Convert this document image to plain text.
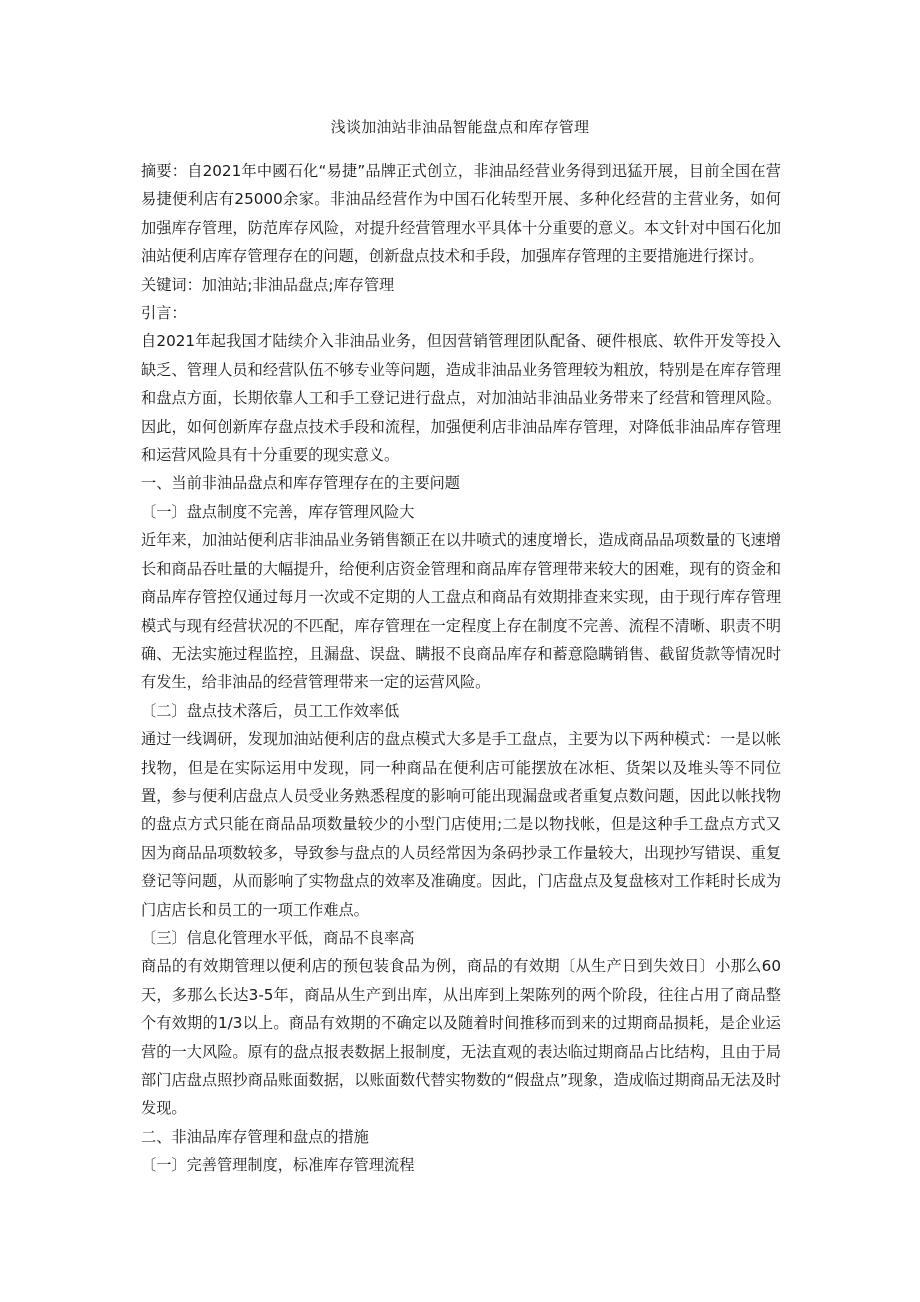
浅谈加油站非油品智能盘点和库存管理

摘要：自2021年中國石化“易捷”品牌正式创立，非油品经营业务得到迅猛开展，目前全国在营易捷便利店有25000余家。非油品经营作为中国石化转型开展、多种化经营的主营业务，如何加强库存管理，防范库存风险，对提升经营管理水平具体十分重要的意义。本文针对中国石化加油站便利店库存管理存在的问题，创新盘点技术和手段，加强库存管理的主要措施进行探讨。

关键词：加油站;非油品盘点;库存管理

引言：

自2021年起我国才陆续介入非油品业务，但因营销管理团队配备、硬件根底、软件开发等投入缺乏、管理人员和经营队伍不够专业等问题，造成非油品业务管理较为粗放，特别是在库存管理和盘点方面，长期依靠人工和手工登记进行盘点，对加油站非油品业务带来了经营和管理风险。因此，如何创新库存盘点技术手段和流程，加强便利店非油品库存管理，对降低非油品库存管理和运营风险具有十分重要的现实意义。

一、当前非油品盘点和库存管理存在的主要问题

〔一〕盘点制度不完善，库存管理风险大

近年来，加油站便利店非油品业务销售额正在以井喷式的速度增长，造成商品品项数量的飞速增长和商品吞吐量的大幅提升，给便利店资金管理和商品库存管理带来较大的困难，现有的资金和商品库存管控仅通过每月一次或不定期的人工盘点和商品有效期排查来实现，由于现行库存管理模式与现有经营状况的不匹配，库存管理在一定程度上存在制度不完善、流程不清晰、职责不明确、无法实施过程监控，且漏盘、误盘、瞒报不良商品库存和蓄意隐瞒销售、截留货款等情况时有发生，给非油品的经营管理带来一定的运营风险。

〔二〕盘点技术落后，员工工作效率低

通过一线调研，发现加油站便利店的盘点模式大多是手工盘点，主要为以下两种模式：一是以帐找物，但是在实际运用中发现，同一种商品在便利店可能摆放在冰柜、货架以及堆头等不同位置，参与便利店盘点人员受业务熟悉程度的影响可能出现漏盘或者重复点数问题，因此以帐找物的盘点方式只能在商品品项数量较少的小型门店使用;二是以物找帐，但是这种手工盘点方式又因为商品品项数较多，导致参与盘点的人员经常因为条码抄录工作量较大，出现抄写错误、重复登记等问题，从而影响了实物盘点的效率及准确度。因此，门店盘点及复盘核对工作耗时长成为门店店长和员工的一项工作难点。

〔三〕信息化管理水平低，商品不良率高

商品的有效期管理以便利店的预包装食品为例，商品的有效期〔从生产日到失效日〕小那么60天，多那么长达3-5年，商品从生产到出库，从出库到上架陈列的两个阶段，往往占用了商品整个有效期的1/3以上。商品有效期的不确定以及随着时间推移而到来的过期商品损耗，是企业运营的一大风险。原有的盘点报表数据上报制度，无法直观的表达临过期商品占比结构，且由于局部门店盘点照抄商品账面数据，以账面数代替实物数的“假盘点”现象，造成临过期商品无法及时发现。

二、非油品库存管理和盘点的措施

〔一〕完善管理制度，标准库存管理流程
